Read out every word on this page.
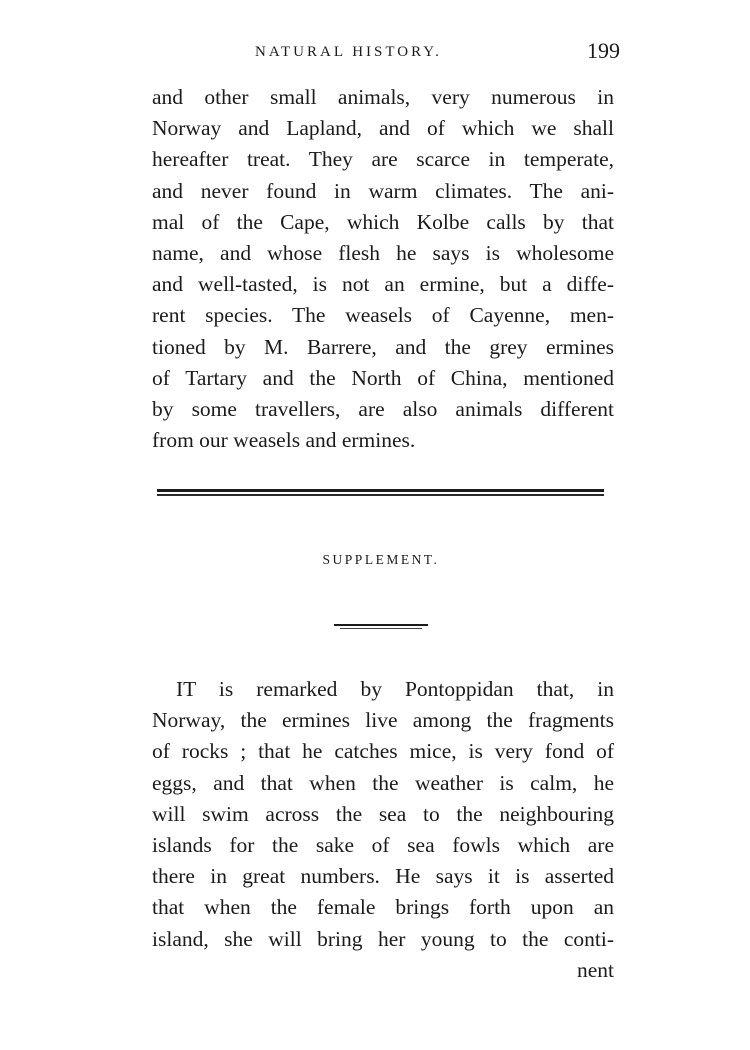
NATURAL HISTORY.	199
and other small animals, very numerous in
Norway and Lapland, and of which we shall
hereafter treat. They are scarce in temperate,
and never found in warm climates. The ani-
mal of the Cape, which Kolbe calls by that
name, and whose flesh he says is wholesome
and well-tasted, is not an ermine, but a diffe-
rent species. The weasels of Cayenne, men-
tioned by M. Barrere, and the grey ermines
of Tartary and the North of China, mentioned
by some travellers, are also animals different
from our weasels and ermines.
SUPPLEMENT.
IT is remarked by Pontoppidan that, in
Norway, the ermines live among the fragments
of rocks ; that he catches mice, is very fond of
eggs, and that when the weather is calm, he
will swim across the sea to the neighbouring
islands for the sake of sea fowls which are
there in great numbers. He says it is asserted
that when the female brings forth upon an
island, she will bring her young to the conti-
nent
